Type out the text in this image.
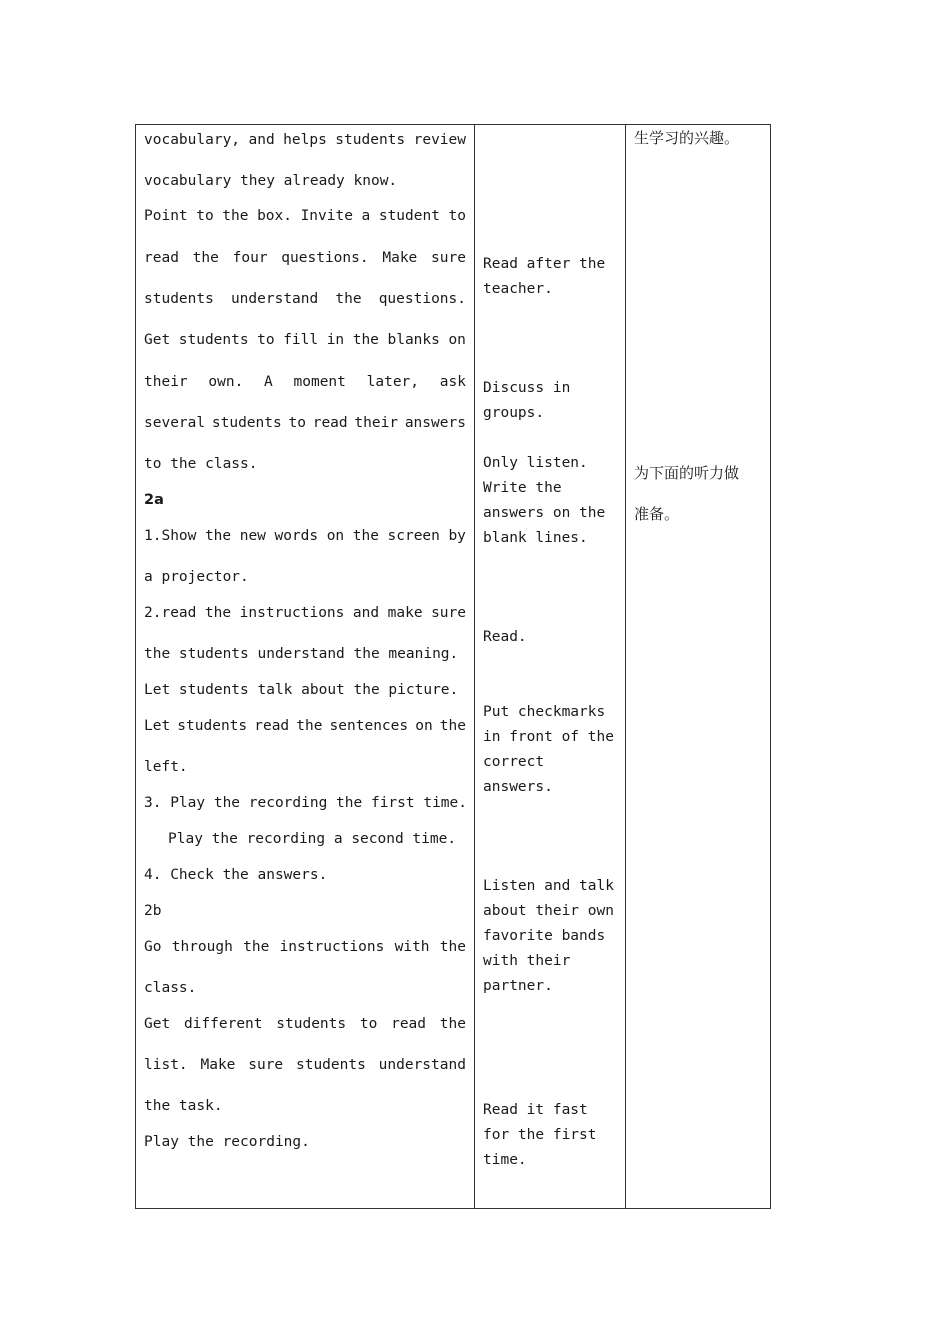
vocabulary, and helps students review
vocabulary they already know.
Point to the box. Invite a student to
read the four questions. Make sure
students understand the questions.
Get students to fill in the blanks on
their own. A moment later, ask
several students to read their answers
to the class.
2a
1.Show the new words on the screen by
a projector.
2.read the instructions and make sure
the students understand the meaning.
Let students talk about the picture.
Let students read the sentences on the
left.
3. Play the recording the first time.
Play the recording a second time.
4. Check the answers.
2b
Go through the instructions with the
class.
Get different students to read the
list. Make sure students understand
the task.
Play the recording.
Read after the
teacher.
Discuss in
groups.
Only listen.
Write the
answers on the
blank lines.
Read.
Put checkmarks
in front of the
correct
answers.
Listen and talk
about their own
favorite bands
with their
partner.
Read it fast
for the first
time.
生学习的兴趣。
为下面的听力做
准备。
